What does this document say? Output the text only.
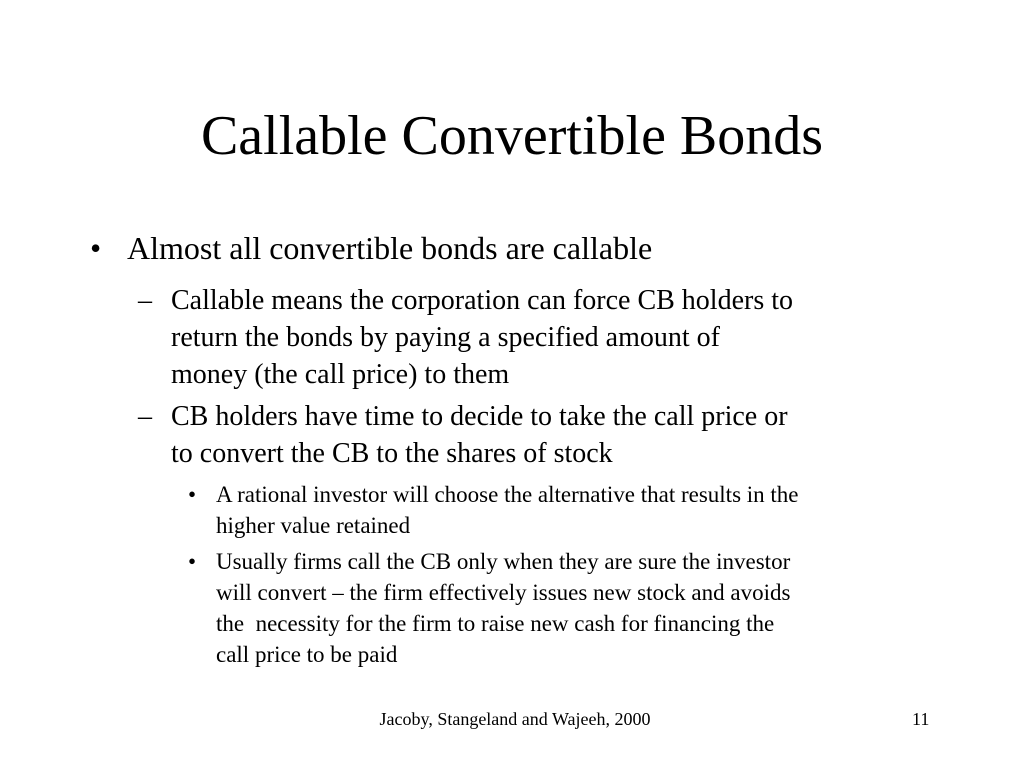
Callable Convertible Bonds
• Almost all convertible bonds are callable
– Callable means the corporation can force CB holders to
return the bonds by paying a specified amount of
money (the call price) to them
– CB holders have time to decide to take the call price or
to convert the CB to the shares of stock
• A rational investor will choose the alternative that results in the
higher value retained
• Usually firms call the CB only when they are sure the investor
will convert – the firm effectively issues new stock and avoids
the  necessity for the firm to raise new cash for financing the
call price to be paid
Jacoby, Stangeland and Wajeeh, 2000	11
